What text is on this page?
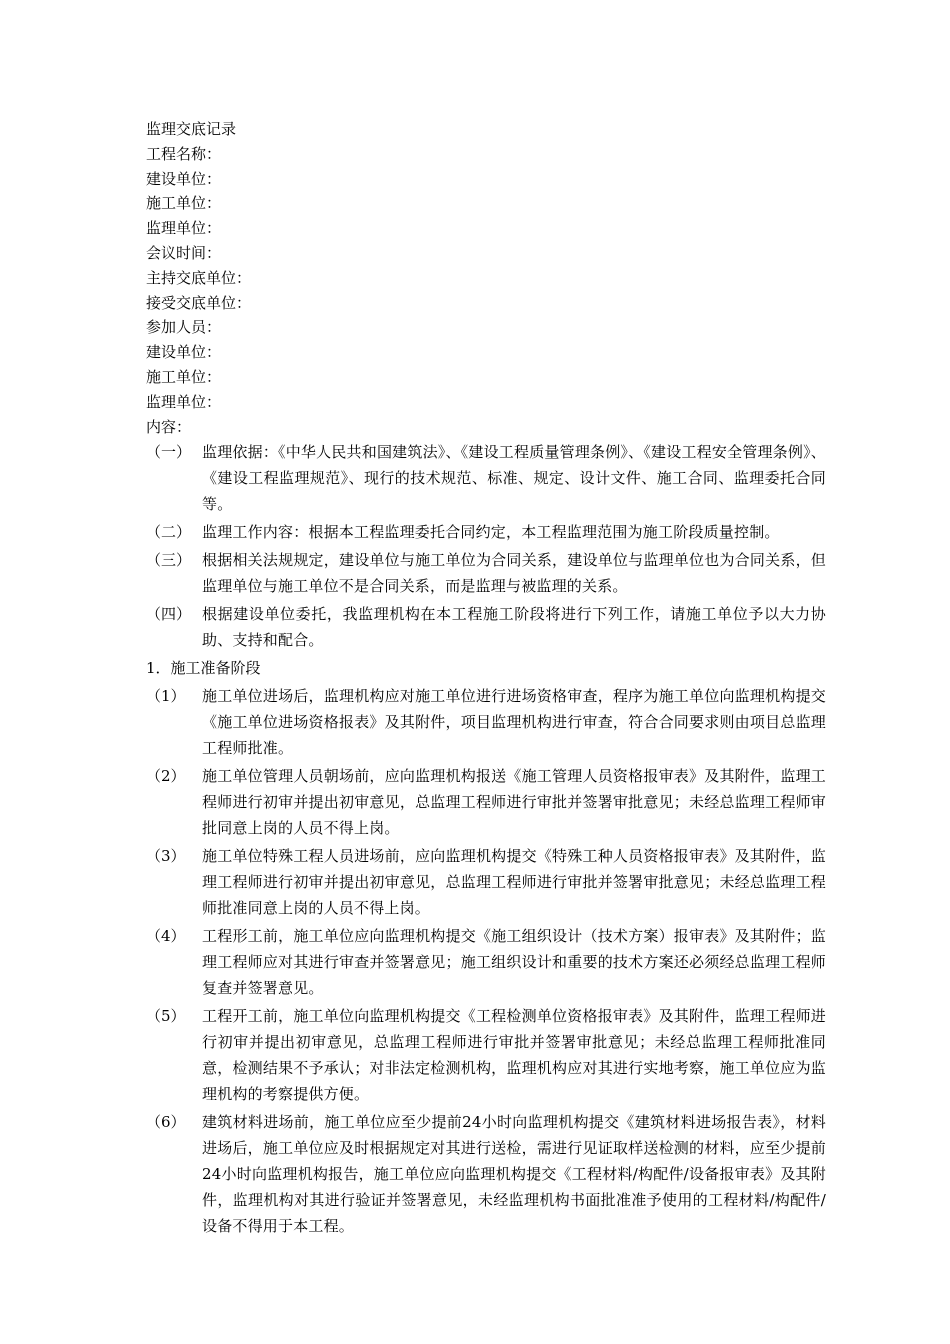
监理交底记录
工程名称：
建设单位：
施工单位：
监理单位：
会议时间：
主持交底单位：
接受交底单位：
参加人员：
建设单位：
施工单位：
监理单位：
内容：
（一） 监理依据：《中华人民共和国建筑法》、《建设工程质量管理条例》、《建设工程安全管理条例》、《建设工程监理规范》、现行的技术规范、标准、规定、设计文件、施工合同、监理委托合同等。
（二） 监理工作内容：根据本工程监理委托合同约定，本工程监理范围为施工阶段质量控制。
（三） 根据相关法规规定，建设单位与施工单位为合同关系，建设单位与监理单位也为合同关系，但监理单位与施工单位不是合同关系，而是监理与被监理的关系。
（四） 根据建设单位委托，我监理机构在本工程施工阶段将进行下列工作，请施工单位予以大力协助、支持和配合。
1．施工准备阶段
（1）	施工单位进场后，监理机构应对施工单位进行进场资格审查，程序为施工单位向监理机构提交《施工单位进场资格报表》及其附件，项目监理机构进行审查，符合合同要求则由项目总监理工程师批准。
（2）	施工单位管理人员朝场前，应向监理机构报送《施工管理人员资格报审表》及其附件，监理工程师进行初审并提出初审意见，总监理工程师进行审批并签署审批意见；未经总监理工程师审批同意上岗的人员不得上岗。
（3）	施工单位特殊工程人员进场前，应向监理机构提交《特殊工种人员资格报审表》及其附件，监理工程师进行初审并提出初审意见，总监理工程师进行审批并签署审批意见；未经总监理工程师批准同意上岗的人员不得上岗。
（4）	工程形工前，施工单位应向监理机构提交《施工组织设计（技术方案）报审表》及其附件；监理工程师应对其进行审查并签署意见；施工组织设计和重要的技术方案还必须经总监理工程师复查并签署意见。
（5）	工程开工前，施工单位向监理机构提交《工程检测单位资格报审表》及其附件，监理工程师进行初审并提出初审意见，总监理工程师进行审批并签署审批意见；未经总监理工程师批准同意，检测结果不予承认；对非法定检测机构，监理机构应对其进行实地考察，施工单位应为监理机构的考察提供方便。
（6）	建筑材料进场前，施工单位应至少提前24小时向监理机构提交《建筑材料进场报告表》，材料进场后，施工单位应及时根据规定对其进行送检，需进行见证取样送检测的材料，应至少提前24小时向监理机构报告，施工单位应向监理机构提交《工程材料/构配件/设备报审表》及其附件，监理机构对其进行验证并签署意见，未经监理机构书面批准准予使用的工程材料/构配件/设备不得用于本工程。
